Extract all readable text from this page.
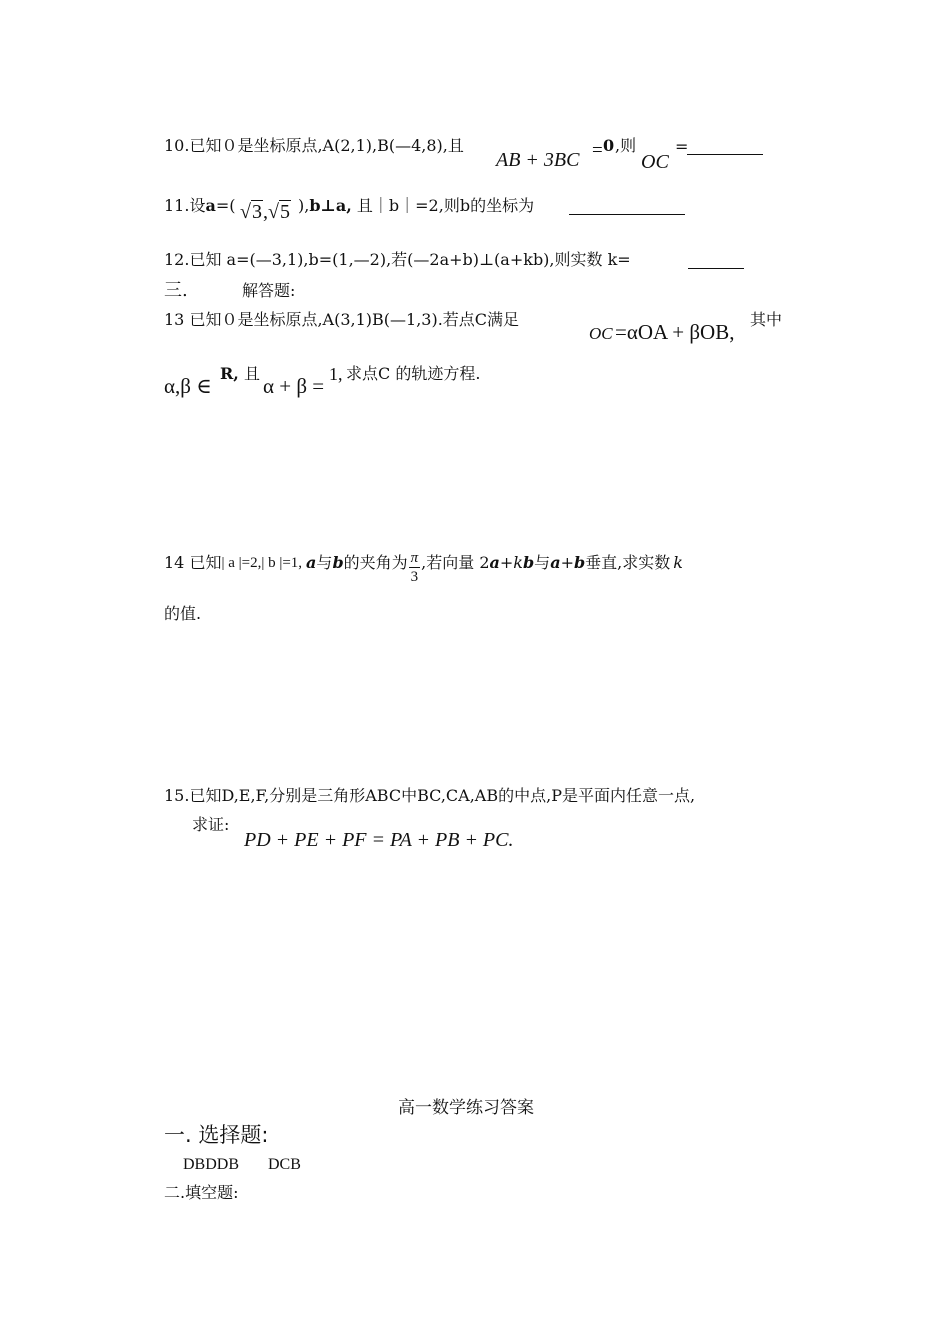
10.已知０是坐标原点,A(2,1),B(—4,8),且
AB + 3BC = 0 ,则
OC
=
11.设a=( √3,√5 ),b⊥a, 且｜b｜=2,则b的坐标为
12.已知 a=(—3,1),b=(1,—2),若(—2a+b)⊥(a+kb),则实数 k=
三.	解答题:
13 已知０是坐标原点,A(3,1)B(—1,3).若点C满足
OC =αOA + βOB,
其中
α,β ∈
R, 且
α + β = 1, 求点C 的轨迹方程.
14 已知 | a |=2, | b |=1, a 与 b 的夹角为 $\frac{\pi}{3}$ ,若向量 2 a + k b 与 a + b 垂直,求实数 k
的值.
15.已知D,E,F,分别是三角形ABC中BC,CA,AB的中点,P是平面内任意一点,
求证:
PD + PE + PF = PA + PB + PC.
高一数学练习答案
一. 选择题:
DBDDB DCB
二.填空题:
